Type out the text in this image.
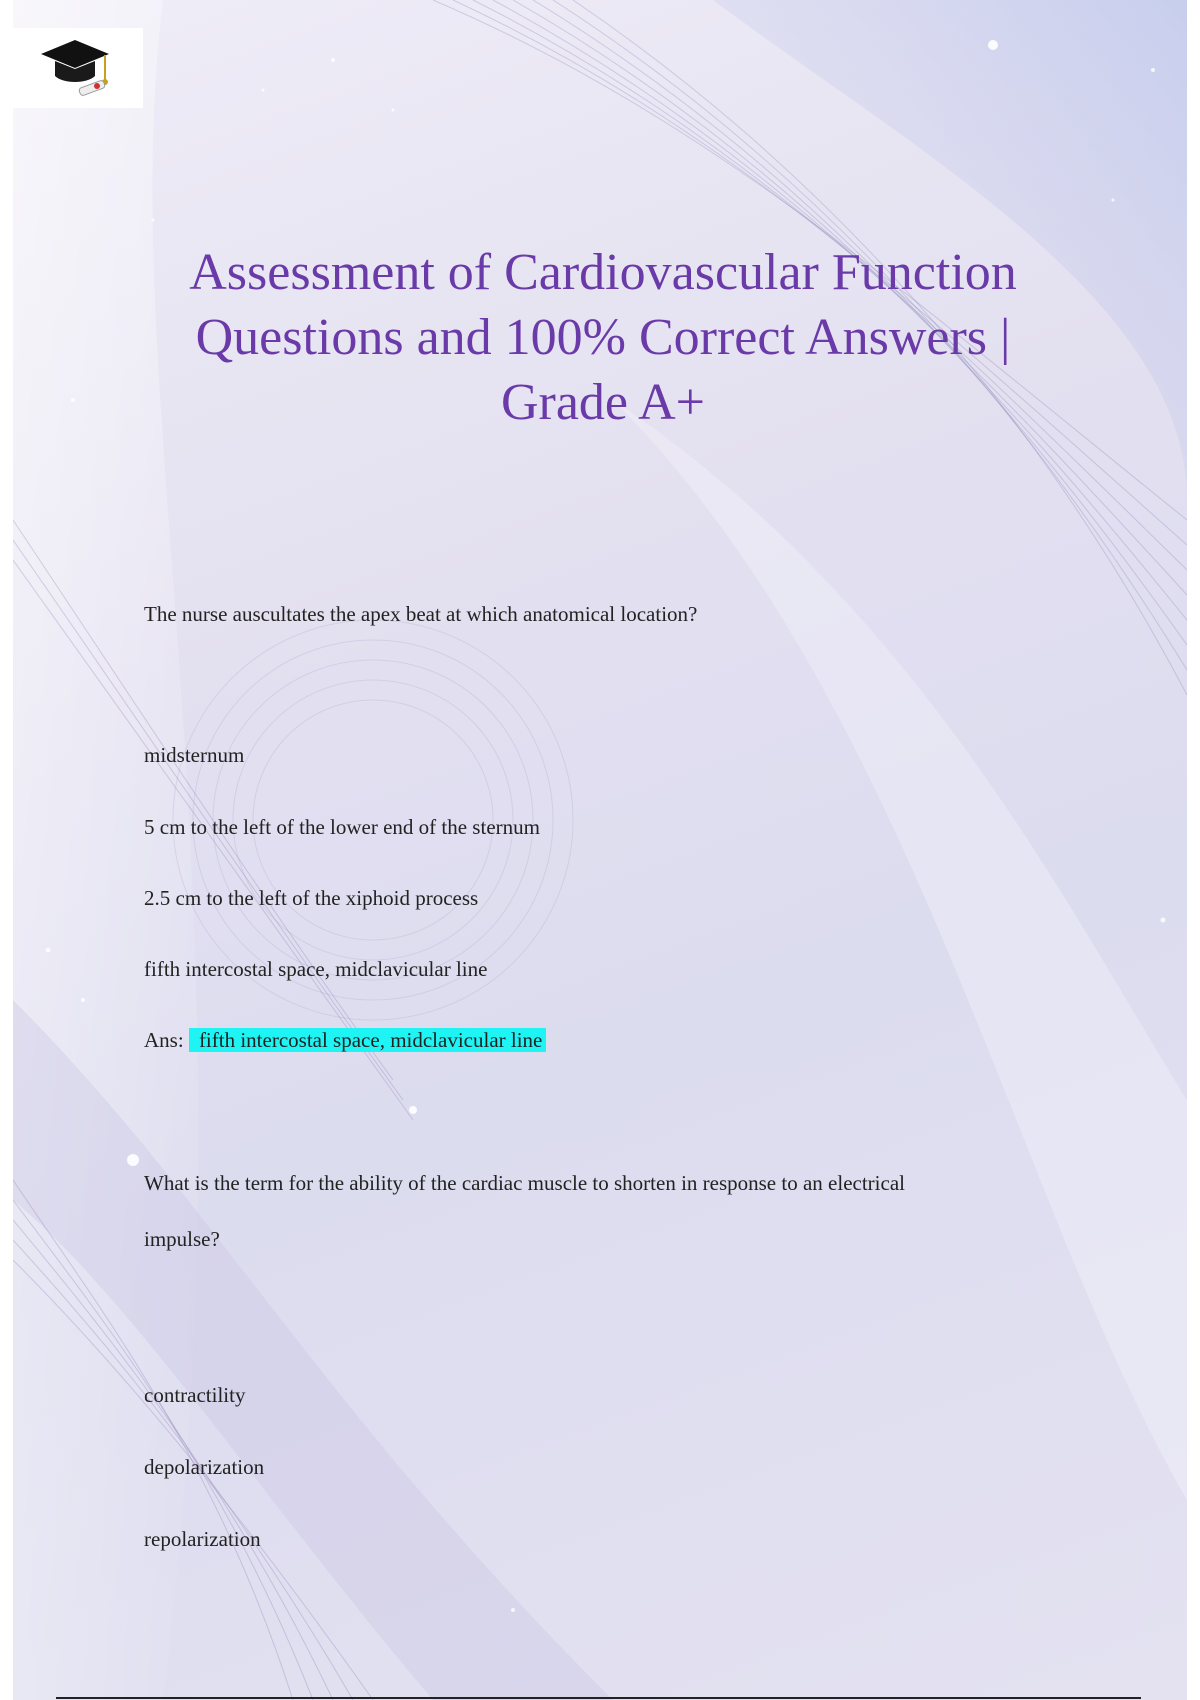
Assessment of Cardiovascular Function
Questions and 100% Correct Answers |
Grade A+

The nurse auscultates the apex beat at which anatomical location?

midsternum

5 cm to the left of the lower end of the sternum

2.5 cm to the left of the xiphoid process

fifth intercostal space, midclavicular line

Ans: fifth intercostal space, midclavicular line

What is the term for the ability of the cardiac muscle to shorten in response to an electrical

impulse?

contractility

depolarization

repolarization
